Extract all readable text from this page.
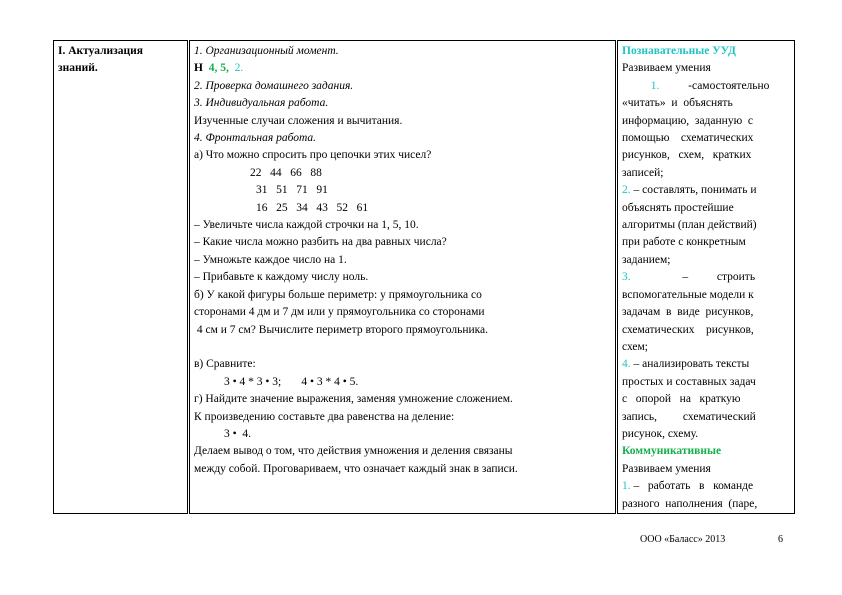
I. Актуализация
знаний.

1. Организационный момент.
Н 4, 5, 2.
2. Проверка домашнего задания.
3. Индивидуальная работа.
Изученные случаи сложения и вычитания.
4. Фронтальная работа.
а) Что можно спросить про цепочки этих чисел?
22 44 66 88
31 51 71 91
16 25 34 43 52 61
– Увеличьте числа каждой строчки на 1, 5, 10.
– Какие числа можно разбить на два равных числа?
– Умножьте каждое число на 1.
– Прибавьте к каждому числу ноль.
б) У какой фигуры больше периметр: у прямоугольника со
сторонами 4 дм и 7 дм или у прямоугольника со сторонами
4 см и 7 см? Вычислите периметр второго прямоугольника.

в) Сравните:
3 • 4 * 3 • 3; 4 • 3 * 4 • 5.
г) Найдите значение выражения, заменяя умножение сложением.
К произведению составьте два равенства на деление:
3 •  4.
Делаем вывод о том, что действия умножения и деления связаны
между собой. Проговариваем, что означает каждый знак в записи.

Познавательные УУД
Развиваем умения
1.	-самостоятельно
«читать»  и  объяснять
информацию,  заданную  с
помощью    схематических
рисунков,   схем,   кратких
записей;
2. – составлять, понимать и
объяснять простейшие
алгоритмы (план действий)
при работе с конкретным
заданием;
3.	–          строить
вспомогательные модели к
задачам  в  виде  рисунков,
схематических    рисунков,
схем;
4. – анализировать тексты
простых и составных задач
с   опорой   на   краткую
запись,         схематический
рисунок, схему.
Коммуникативные
Развиваем умения
1. –   работать   в   команде
разного  наполнения  (паре,
ООО «Баласс» 2013	6
